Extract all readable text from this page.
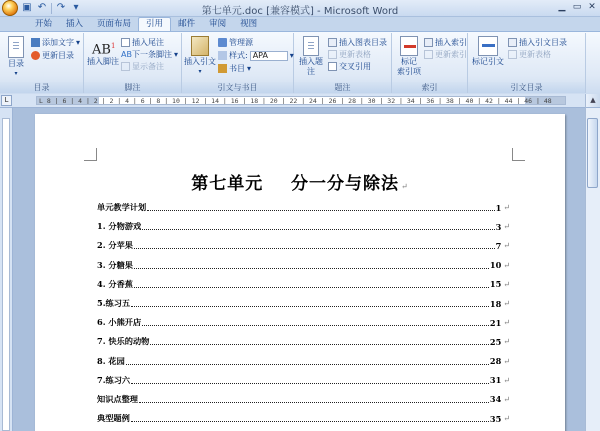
▣ ↶ ↷ ▾	第七单元.doc [兼容模式] - Microsoft Word	▁ ▭ ✕
开始	插入	页面布局	引用	邮件	审阅	视图
目录
▾
添加文字 ▾
更新目录
目录
$AB^1$
插入脚注
插入尾注
AB 下一条脚注 ▾
显示备注
脚注
插入引文
▾
管理源
样式: APA	▾
书目 ▾
引文与书目
插入题注
插入图表目录
更新表格
交叉引用
题注
标记
索引项
插入索引
更新索引
索引
标记引文
插入引文目录
更新表格
引文目录
L	L 8 | 6 | 4 | 2 | 2 | 4 | 6 | 8 | 10 | 12 | 14 | 16 | 18 | 20 | 22 | 24 | 26 | 28 | 30 | 32 | 34 | 36 | 38 | 40 | 42 | 44 | 46 | 48
第七单元    分一分与除法 ↵
单元教学计划	1 ↵
1. 分物游戏	3 ↵
2. 分苹果	7 ↵
3. 分糖果	10 ↵
4. 分香蕉	15 ↵
5.练习五	18 ↵
6. 小熊开店	21 ↵
7. 快乐的动物	25 ↵
8. 花园	28 ↵
7.练习六	31 ↵
知识点整理	34 ↵
典型题例	35 ↵
▲
